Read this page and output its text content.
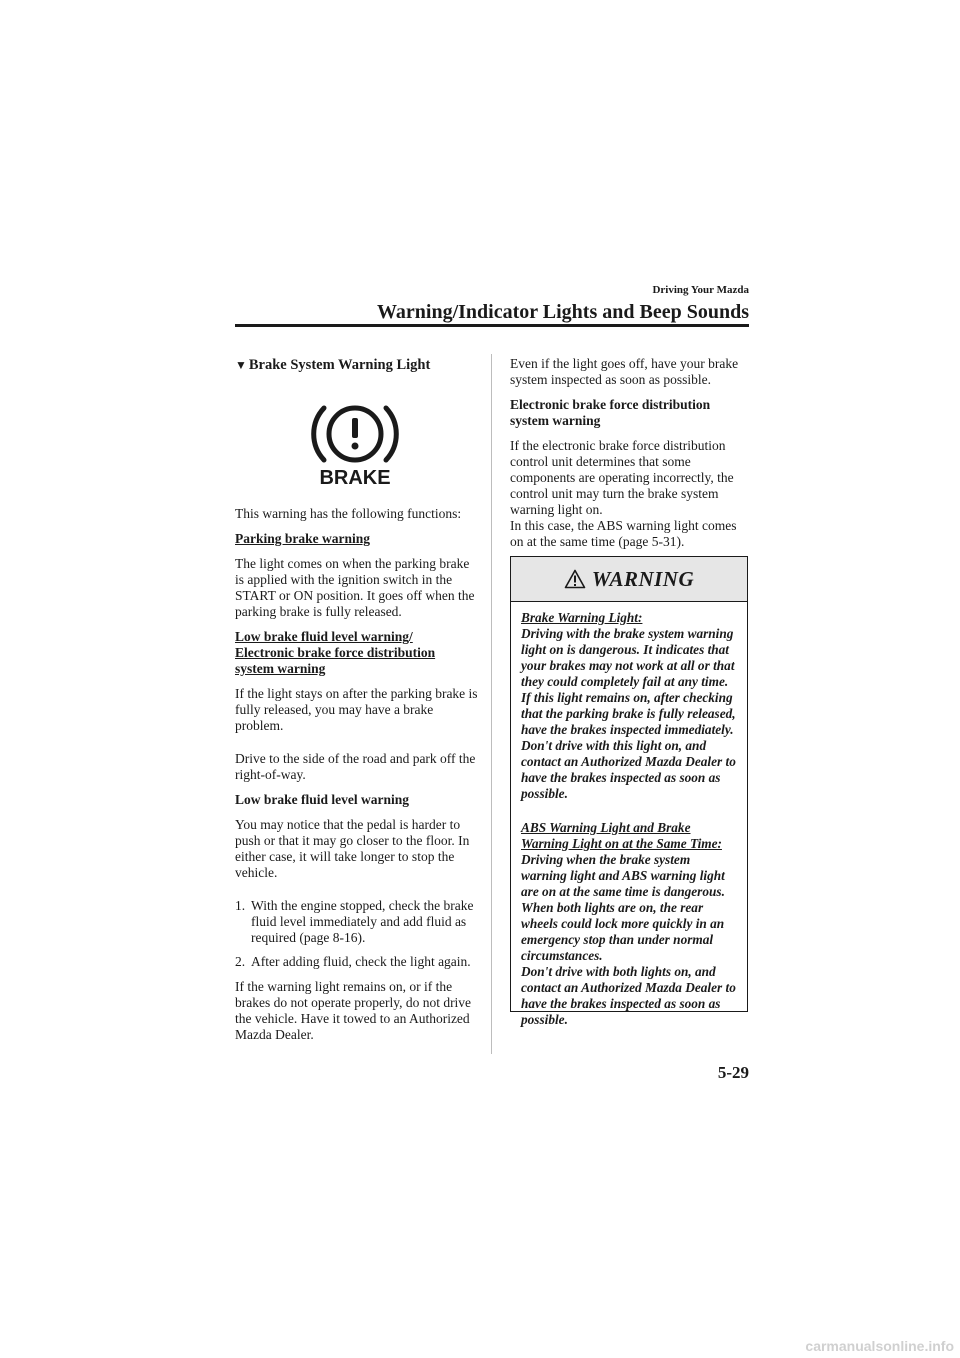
Driving Your Mazda
Warning/Indicator Lights and Beep Sounds
▼ Brake System Warning Light
BRAKE

This warning has the following functions:

Parking brake warning

The light comes on when the parking brake is applied with the ignition switch in the START or ON position. It goes off when the parking brake is fully released.

Low brake fluid level warning/
Electronic brake force distribution
system warning

If the light stays on after the parking brake is fully released, you may have a brake problem.

Drive to the side of the road and park off the right-of-way.

Low brake fluid level warning

You may notice that the pedal is harder to push or that it may go closer to the floor. In either case, it will take longer to stop the vehicle.

1. With the engine stopped, check the brake fluid level immediately and add fluid as required (page 8-16).
2. After adding fluid, check the light again.

If the warning light remains on, or if the brakes do not operate properly, do not drive the vehicle. Have it towed to an Authorized Mazda Dealer.

Even if the light goes off, have your brake system inspected as soon as possible.

Electronic brake force distribution system warning

If the electronic brake force distribution control unit determines that some components are operating incorrectly, the control unit may turn the brake system warning light on.

In this case, the ABS warning light comes on at the same time (page 5-31).

WARNING

Brake Warning Light:

Driving with the brake system warning light on is dangerous. It indicates that your brakes may not work at all or that they could completely fail at any time. If this light remains on, after checking that the parking brake is fully released, have the brakes inspected immediately. Don't drive with this light on, and contact an Authorized Mazda Dealer to have the brakes inspected as soon as possible.

ABS Warning Light and Brake Warning Light on at the Same Time:

Driving when the brake system warning light and ABS warning light are on at the same time is dangerous. When both lights are on, the rear wheels could lock more quickly in an emergency stop than under normal circumstances.

Don't drive with both lights on, and contact an Authorized Mazda Dealer to have the brakes inspected as soon as possible.

5-29
carmanualsonline.info
